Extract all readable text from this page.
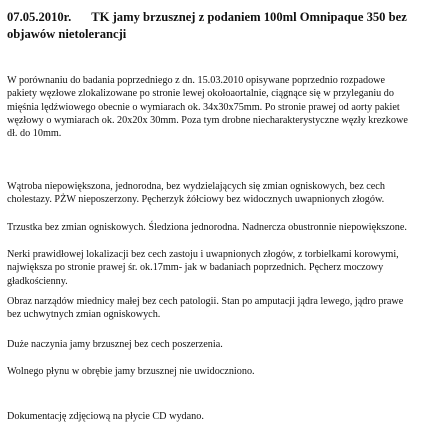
07.05.2010r. TK jamy brzusznej z podaniem 100ml Omnipaque 350 bez
objawów nietolerancji

W porównaniu do badania poprzedniego z dn. 15.03.2010 opisywane poprzednio rozpadowe
pakiety węzłowe zlokalizowane po stronie lewej okołoaortalnie, ciągnące się w przyleganiu do
mięśnia lędźwiowego obecnie o wymiarach ok. 34x30x75mm. Po stronie prawej od aorty pakiet
węzłowy o wymiarach ok. 20x20x 30mm. Poza tym drobne niecharakterystyczne węzły krezkowe
dł. do 10mm.

Wątroba niepowiększona, jednorodna, bez wydzielających się zmian ogniskowych, bez cech
cholestazy. PŻW nieposzerzony. Pęcherzyk żółciowy bez widocznych uwapnionych złogów.

Trzustka bez zmian ogniskowych. Śledziona jednorodna. Nadnercza obustronnie niepowiększone.

Nerki prawidłowej lokalizacji bez cech zastoju i uwapnionych złogów, z torbielkami korowymi,
największa po stronie prawej śr. ok.17mm- jak w badaniach poprzednich. Pęcherz moczowy
gładkościenny.

Obraz narządów miednicy małej bez cech patologii. Stan po amputacji jądra lewego, jądro prawe
bez uchwytnych zmian ogniskowych.

Duże naczynia jamy brzusznej bez cech poszerzenia.

Wolnego płynu w obrębie jamy brzusznej nie uwidoczniono.

Dokumentację zdjęciową na płycie CD wydano.
